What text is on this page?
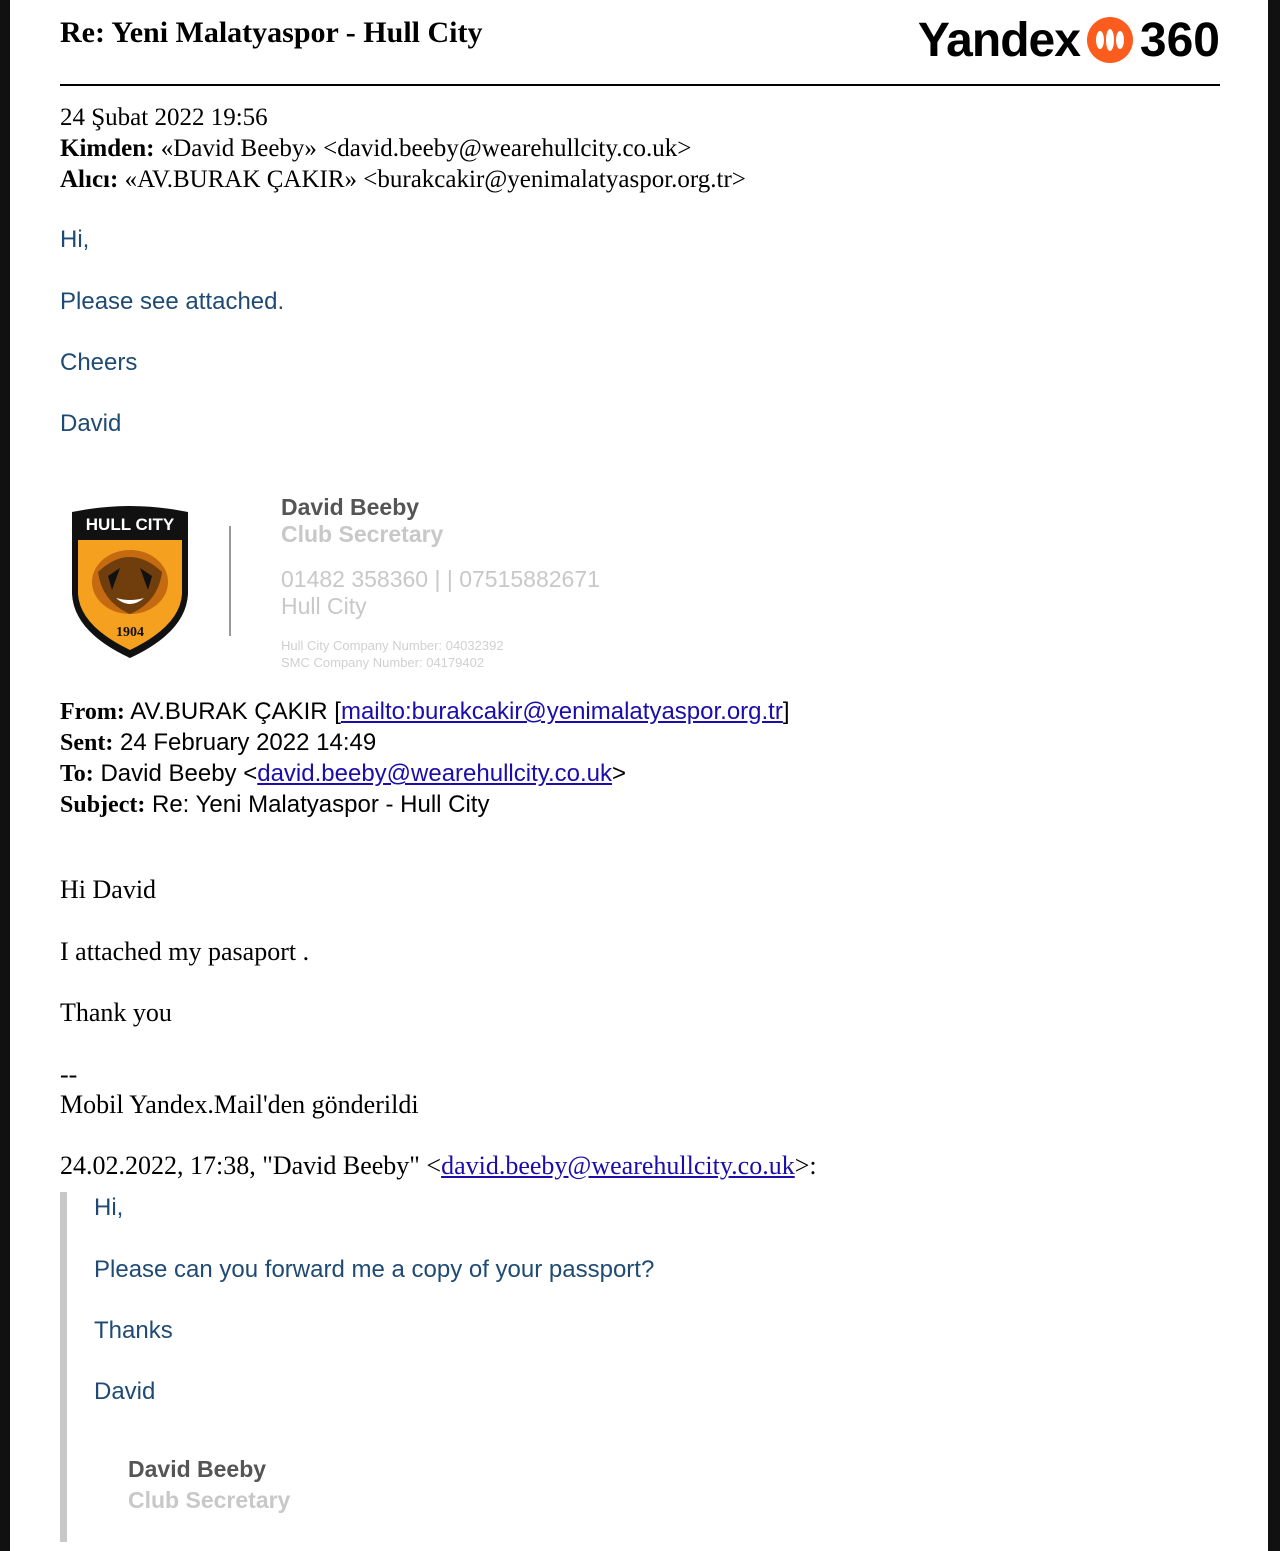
Re: Yeni Malatyaspor - Hull City	Yandex 360
24 Şubat 2022 19:56
Kimden: «David Beeby» <david.beeby@wearehullcity.co.uk>
Alıcı: «AV.BURAK ÇAKIR» <burakcakir@yenimalatyaspor.org.tr>
Hi,
Please see attached.
Cheers
David
HULL CITY
1904
David Beeby
Club Secretary
01482 358360 | | 07515882671
Hull City
Hull City Company Number: 04032392
SMC Company Number: 04179402
From: AV.BURAK ÇAKIR [mailto:burakcakir@yenimalatyaspor.org.tr]
Sent: 24 February 2022 14:49
To: David Beeby <david.beeby@wearehullcity.co.uk>
Subject: Re: Yeni Malatyaspor - Hull City
Hi David
I attached my pasaport .
Thank you
--
Mobil Yandex.Mail'den gönderildi
24.02.2022, 17:38, "David Beeby" <david.beeby@wearehullcity.co.uk>:
Hi,
Please can you forward me a copy of your passport?
Thanks
David
David Beeby
Club Secretary
